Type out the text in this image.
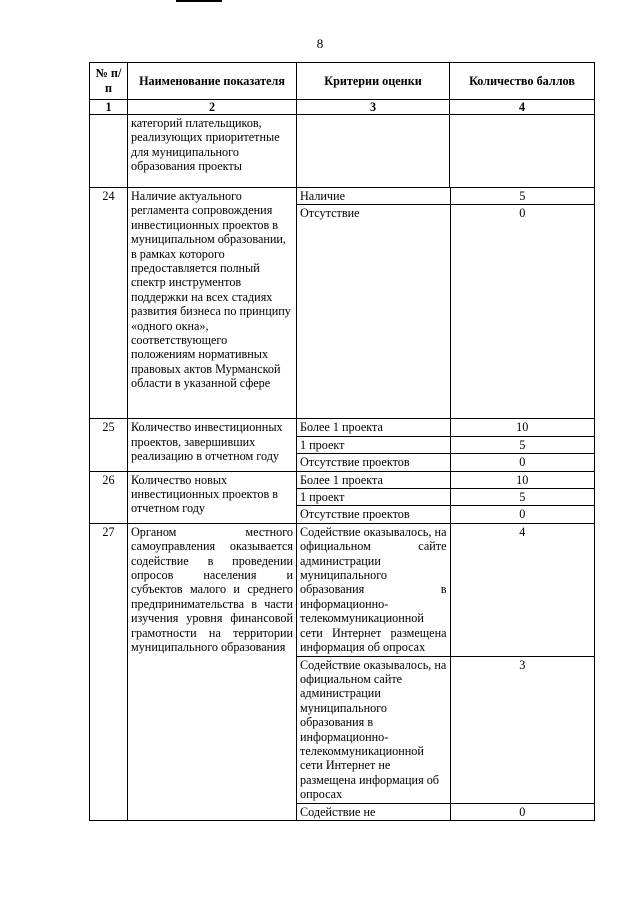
8
№ п/п	Наименование показателя	Критерии оценки	Количество баллов
1	2	3	4
	категорий плательщиков, реализующих приоритетные для муниципального образования проекты		
24	Наличие актуального регламента сопровождения инвестиционных проектов в муниципальном образовании, в рамках которого предоставляется полный спектр инструментов поддержки на всех стадиях развития бизнеса по принципу «одного окна», соответствующего положениям нормативных правовых актов Мурманской области в указанной сфере	
Наличие	5
Отсутствие	0

25	Количество инвестиционных проектов, завершивших реализацию в отчетном году	
Более 1 проекта	10
1 проект	5
Отсутствие проектов	0

26	Количество новых инвестиционных проектов в отчетном году	
Более 1 проекта	10
1 проект	5
Отсутствие проектов	0

27	Органом местного самоуправления оказывается содействие в проведении опросов населения и субъектов малого и среднего предпринимательства в части изучения уровня финансовой грамотности на территории муниципального образования	
Содействие оказывалось, на официальном сайте администрации муниципального образования в информационно-телекоммуникационной сети Интернет размещена информация об опросах	4
Содействие оказывалось, на официальном сайте администрации муниципального образования в информационно-телекоммуникационной сети Интернет не размещена информация об опросах	3
Содействие не	0
